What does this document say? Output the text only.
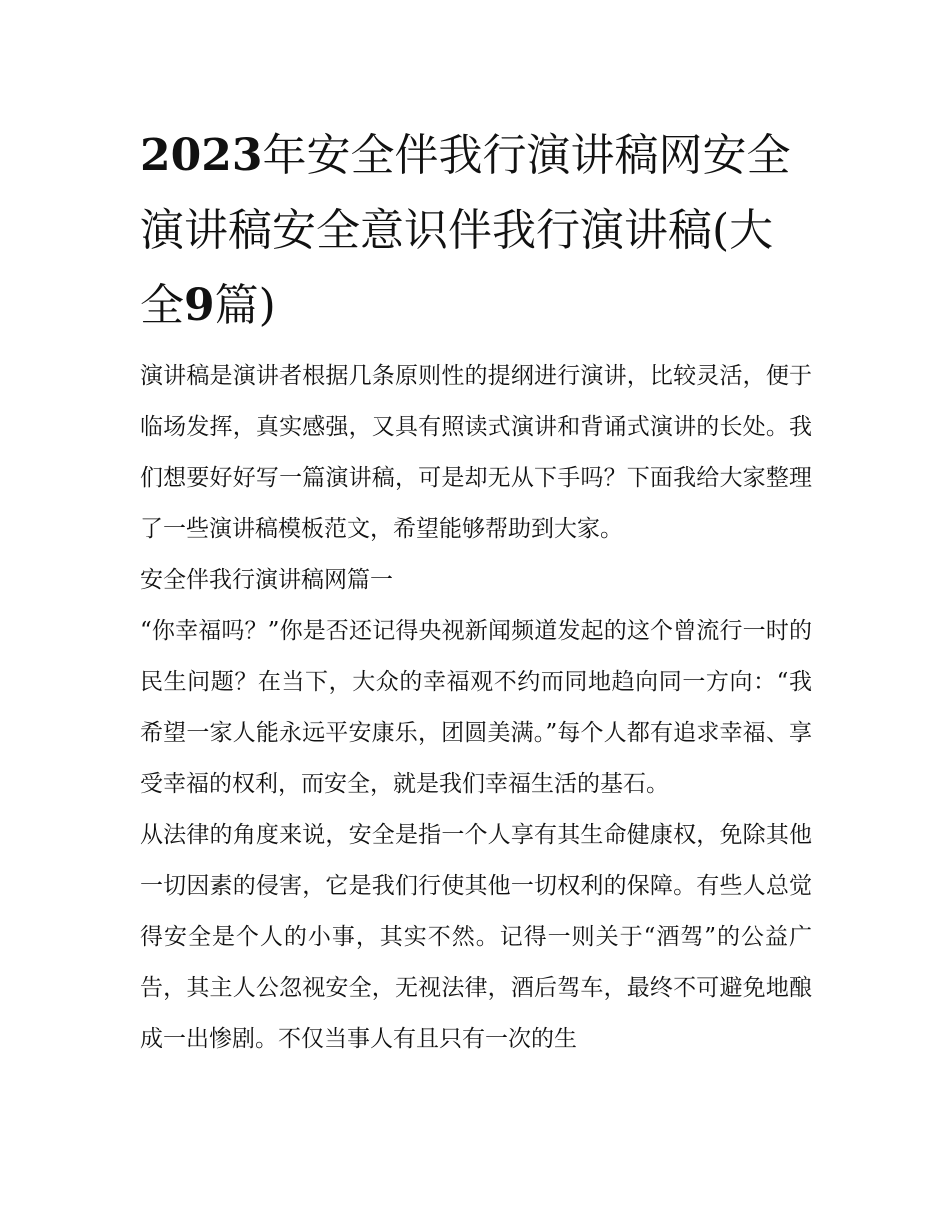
2023年安全伴我行演讲稿网安全演讲稿安全意识伴我行演讲稿(大全9篇)

演讲稿是演讲者根据几条原则性的提纲进行演讲，比较灵活，便于临场发挥，真实感强，又具有照读式演讲和背诵式演讲的长处。我们想要好好写一篇演讲稿，可是却无从下手吗？下面我给大家整理了一些演讲稿模板范文，希望能够帮助到大家。

安全伴我行演讲稿网篇一

“你幸福吗？”你是否还记得央视新闻频道发起的这个曾流行一时的民生问题？在当下，大众的幸福观不约而同地趋向同一方向：“我希望一家人能永远平安康乐，团圆美满。”每个人都有追求幸福、享受幸福的权利，而安全，就是我们幸福生活的基石。

从法律的角度来说，安全是指一个人享有其生命健康权，免除其他一切因素的侵害，它是我们行使其他一切权利的保障。有些人总觉得安全是个人的小事，其实不然。记得一则关于“酒驾”的公益广告，其主人公忽视安全，无视法律，酒后驾车，最终不可避免地酿成一出惨剧。不仅当事人有且只有一次的生
